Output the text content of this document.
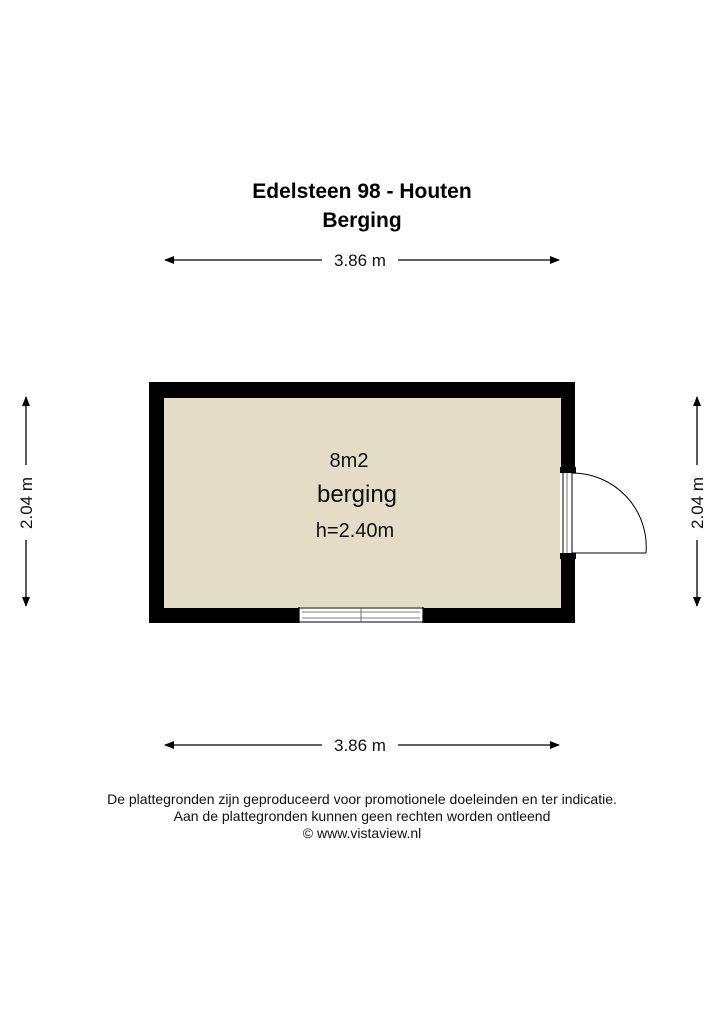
Edelsteen 98 - Houten
Berging
3.86 m
3.86 m
2.04 m	2.04 m
8m2
berging
h=2.40m
De plattegronden zijn geproduceerd voor promotionele doeleinden en ter indicatie.
Aan de plattegronden kunnen geen rechten worden ontleend
© www.vistaview.nl
